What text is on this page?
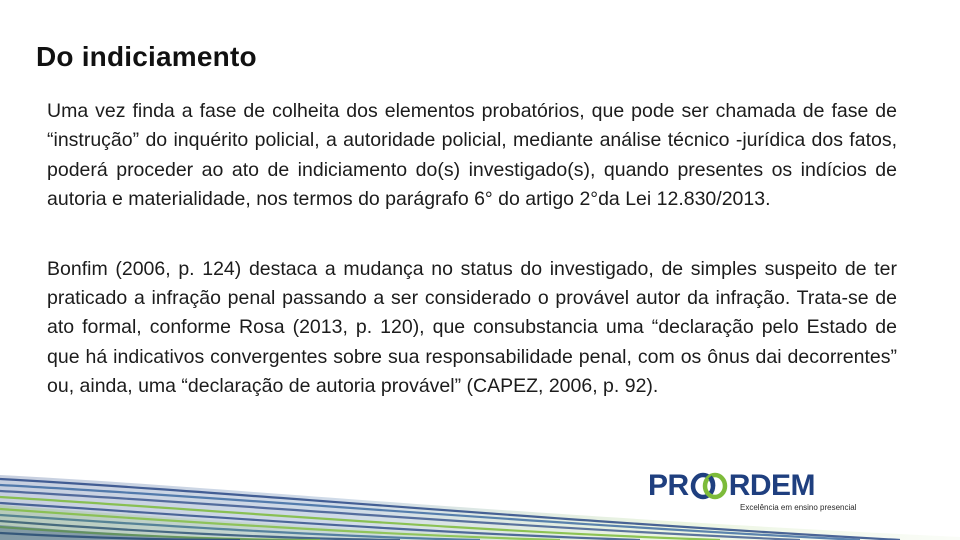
Do indiciamento

Uma vez finda a fase de colheita dos elementos probatórios, que pode ser chamada de fase de “instrução” do inquérito policial, a autoridade policial, mediante análise técnico -jurídica dos fatos, poderá proceder ao ato de indiciamento do(s) investigado(s), quando presentes os indícios de autoria e materialidade, nos termos do parágrafo 6° do artigo 2°da Lei 12.830/2013.

Bonfim (2006, p. 124) destaca a mudança no status do investigado, de simples suspeito de ter praticado a infração penal passando a ser considerado o provável autor da infração. Trata-se de ato formal, conforme Rosa (2013, p. 120), que consubstancia uma “declaração pelo Estado de que há indicativos convergentes sobre sua responsabilidade penal, com os ônus dai decorrentes” ou, ainda, uma “declaração de autoria provável” (CAPEZ, 2006, p. 92).

PR RDEM
Excelência em ensino presencial
